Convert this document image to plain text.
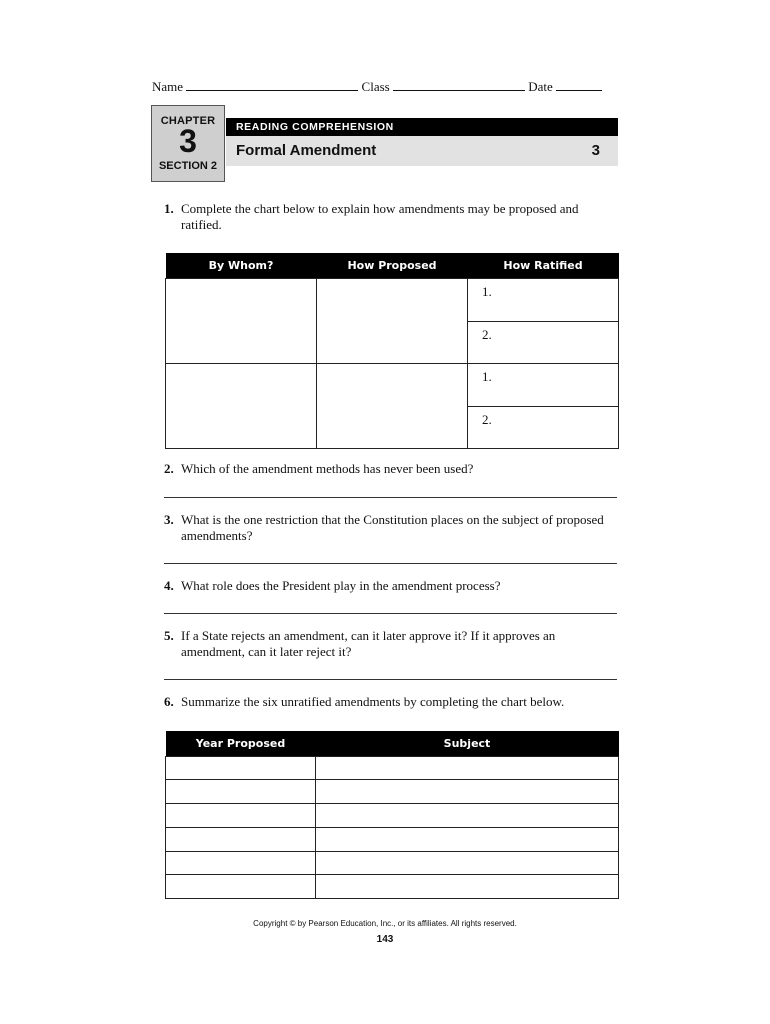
Name	Class	Date
CHAPTER
3
SECTION 2
READING COMPREHENSION
Formal Amendment	3
1. Complete the chart below to explain how amendments may be proposed and ratified.
By Whom?	How Proposed	How Ratified

		1.

		2.

		1.

		2.
2. Which of the amendment methods has never been used?
3. What is the one restriction that the Constitution places on the subject of proposed amendments?
4. What role does the President play in the amendment process?
5. If a State rejects an amendment, can it later approve it? If it approves an amendment, can it later reject it?
6. Summarize the six unratified amendments by completing the chart below.
Year Proposed	Subject

Copyright © by Pearson Education, Inc., or its affiliates. All rights reserved.
143
